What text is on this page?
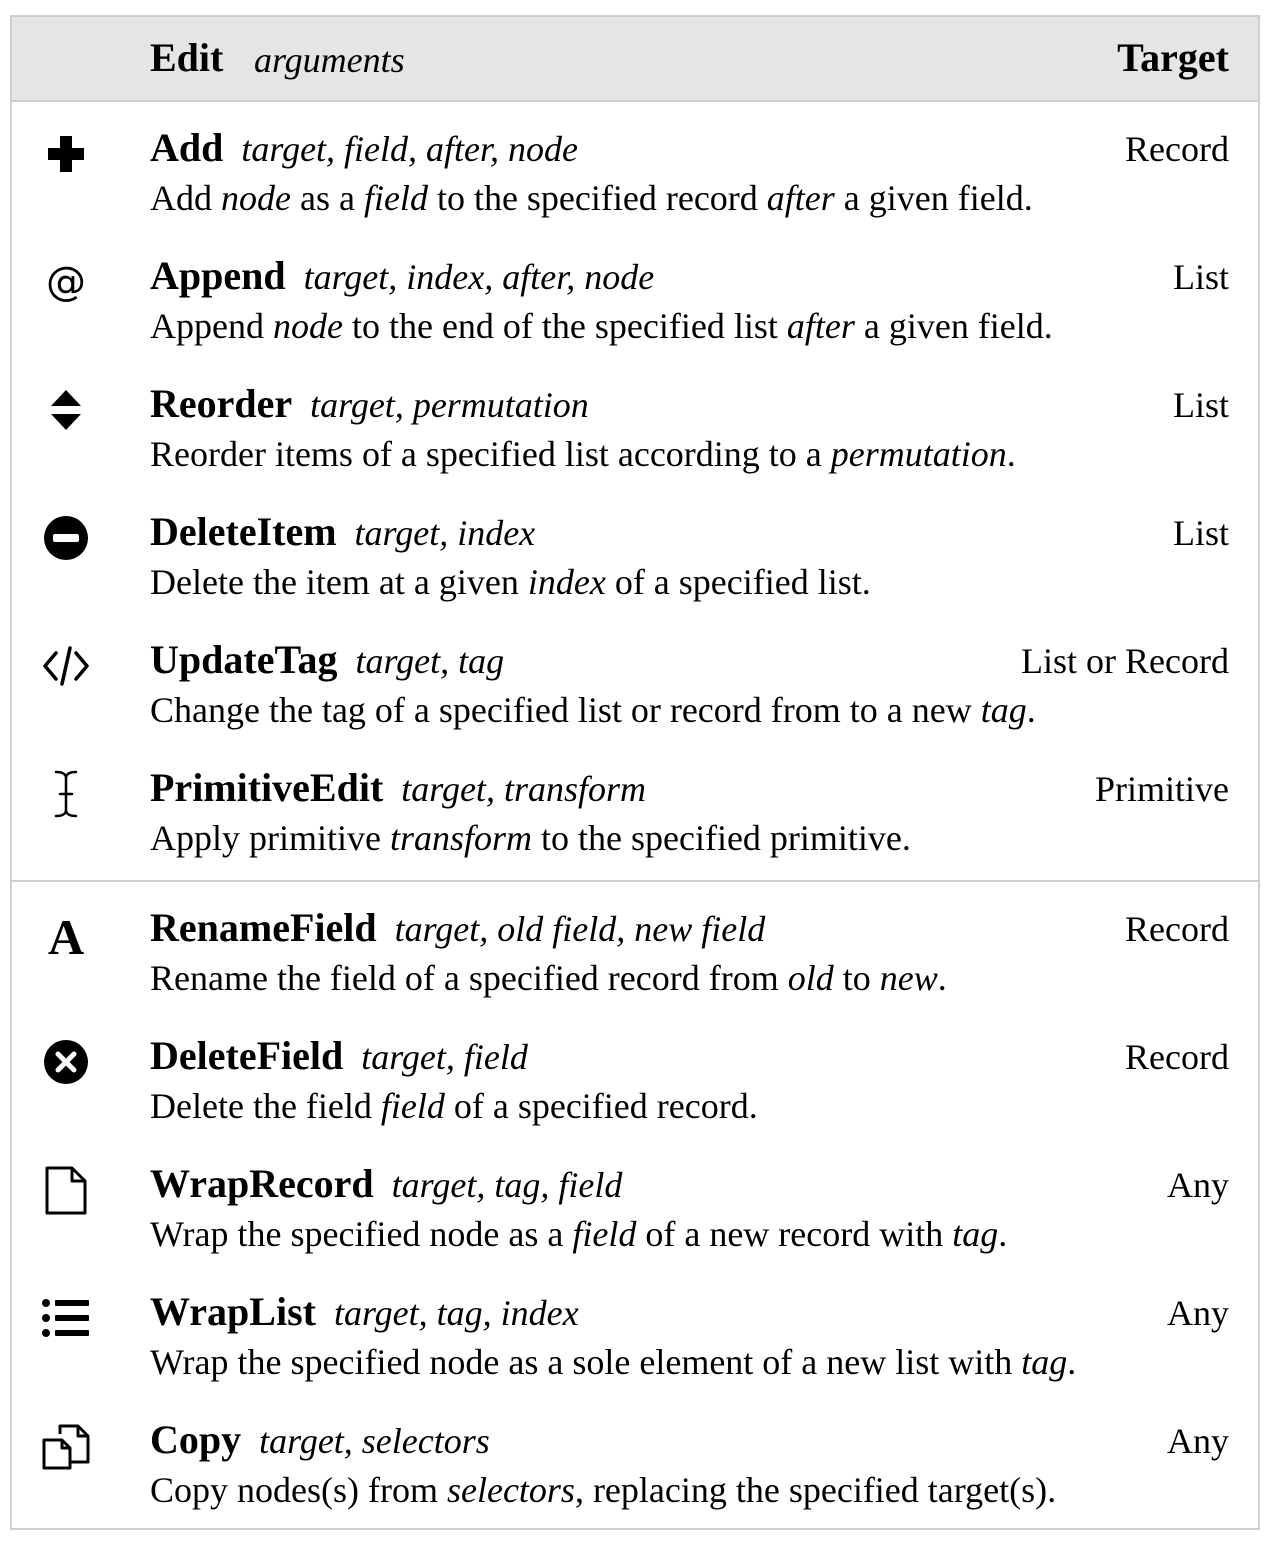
Edit arguments	Target
Add target, field, after, node	Record
Add node as a field to the specified record after a given field.
@ Append target, index, after, node	List
Append node to the end of the specified list after a given field.
Reorder target, permutation	List
Reorder items of a specified list according to a permutation.
DeleteItem target, index	List
Delete the item at a given index of a specified list.
UpdateTag target, tag	List or Record
Change the tag of a specified list or record from to a new tag.
PrimitiveEdit target, transform	Primitive
Apply primitive transform to the specified primitive.
A RenameField target, old field, new field	Record
Rename the field of a specified record from old to new.
DeleteField target, field	Record
Delete the field field of a specified record.
WrapRecord target, tag, field	Any
Wrap the specified node as a field of a new record with tag.
WrapList target, tag, index	Any
Wrap the specified node as a sole element of a new list with tag.
Copy target, selectors	Any
Copy nodes(s) from selectors, replacing the specified target(s).
